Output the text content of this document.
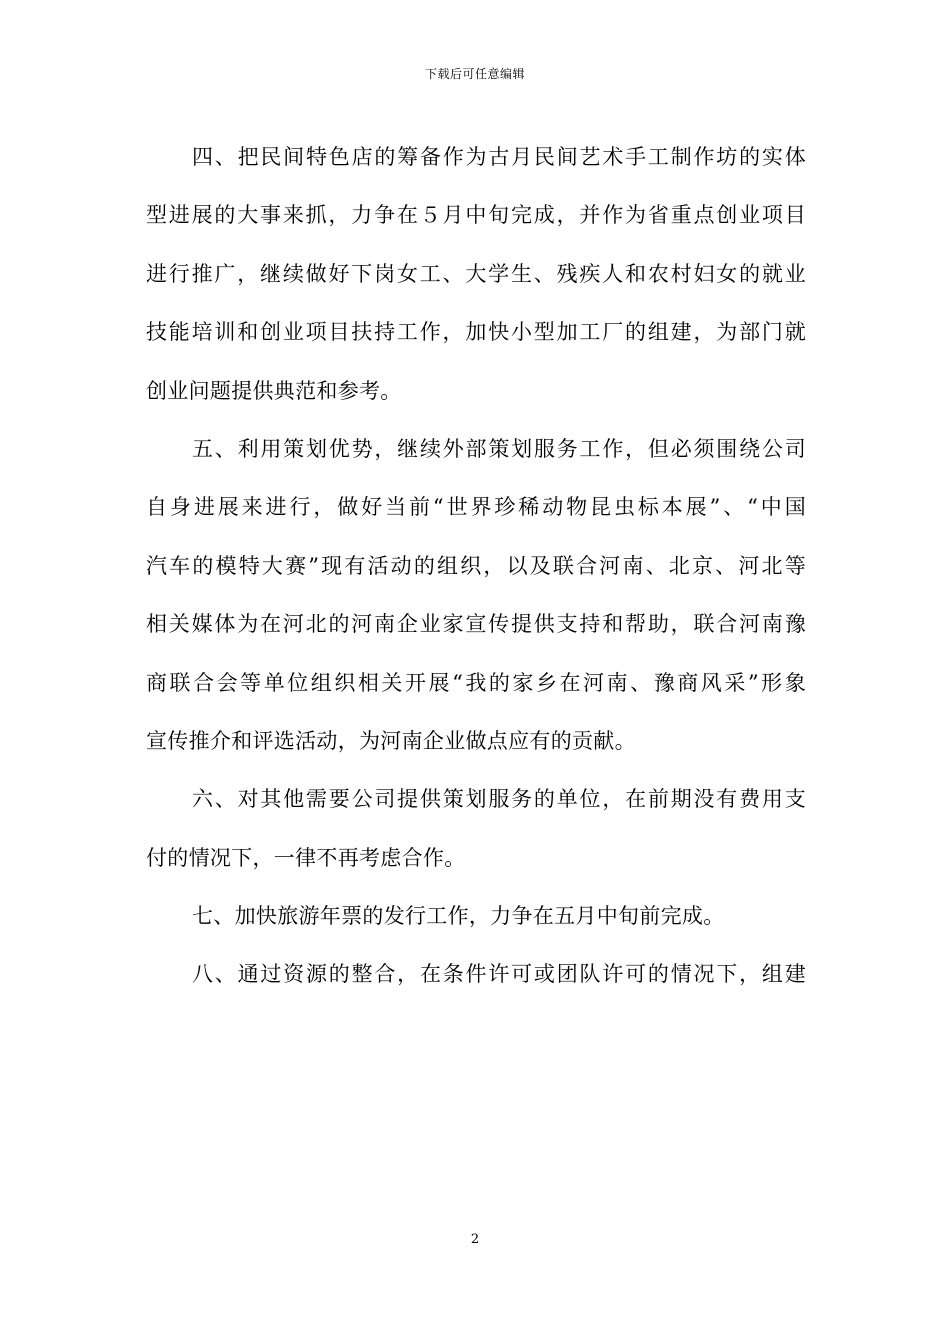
下载后可任意编辑
四、把民间特色店的筹备作为古月民间艺术手工制作坊的实体
型进展的大事来抓，力争在５月中旬完成，并作为省重点创业项目
进行推广，继续做好下岗女工、大学生、残疾人和农村妇女的就业
技能培训和创业项目扶持工作，加快小型加工厂的组建，为部门就
创业问题提供典范和参考。
五、利用策划优势，继续外部策划服务工作，但必须围绕公司
自身进展来进行，做好当前“世界珍稀动物昆虫标本展”、“中国
汽车的模特大赛”现有活动的组织，以及联合河南、北京、河北等
相关媒体为在河北的河南企业家宣传提供支持和帮助，联合河南豫
商联合会等单位组织相关开展“我的家乡在河南、豫商风采”形象
宣传推介和评选活动，为河南企业做点应有的贡献。
六、对其他需要公司提供策划服务的单位，在前期没有费用支
付的情况下，一律不再考虑合作。
七、加快旅游年票的发行工作，力争在五月中旬前完成。
八、通过资源的整合，在条件许可或团队许可的情况下，组建
2
